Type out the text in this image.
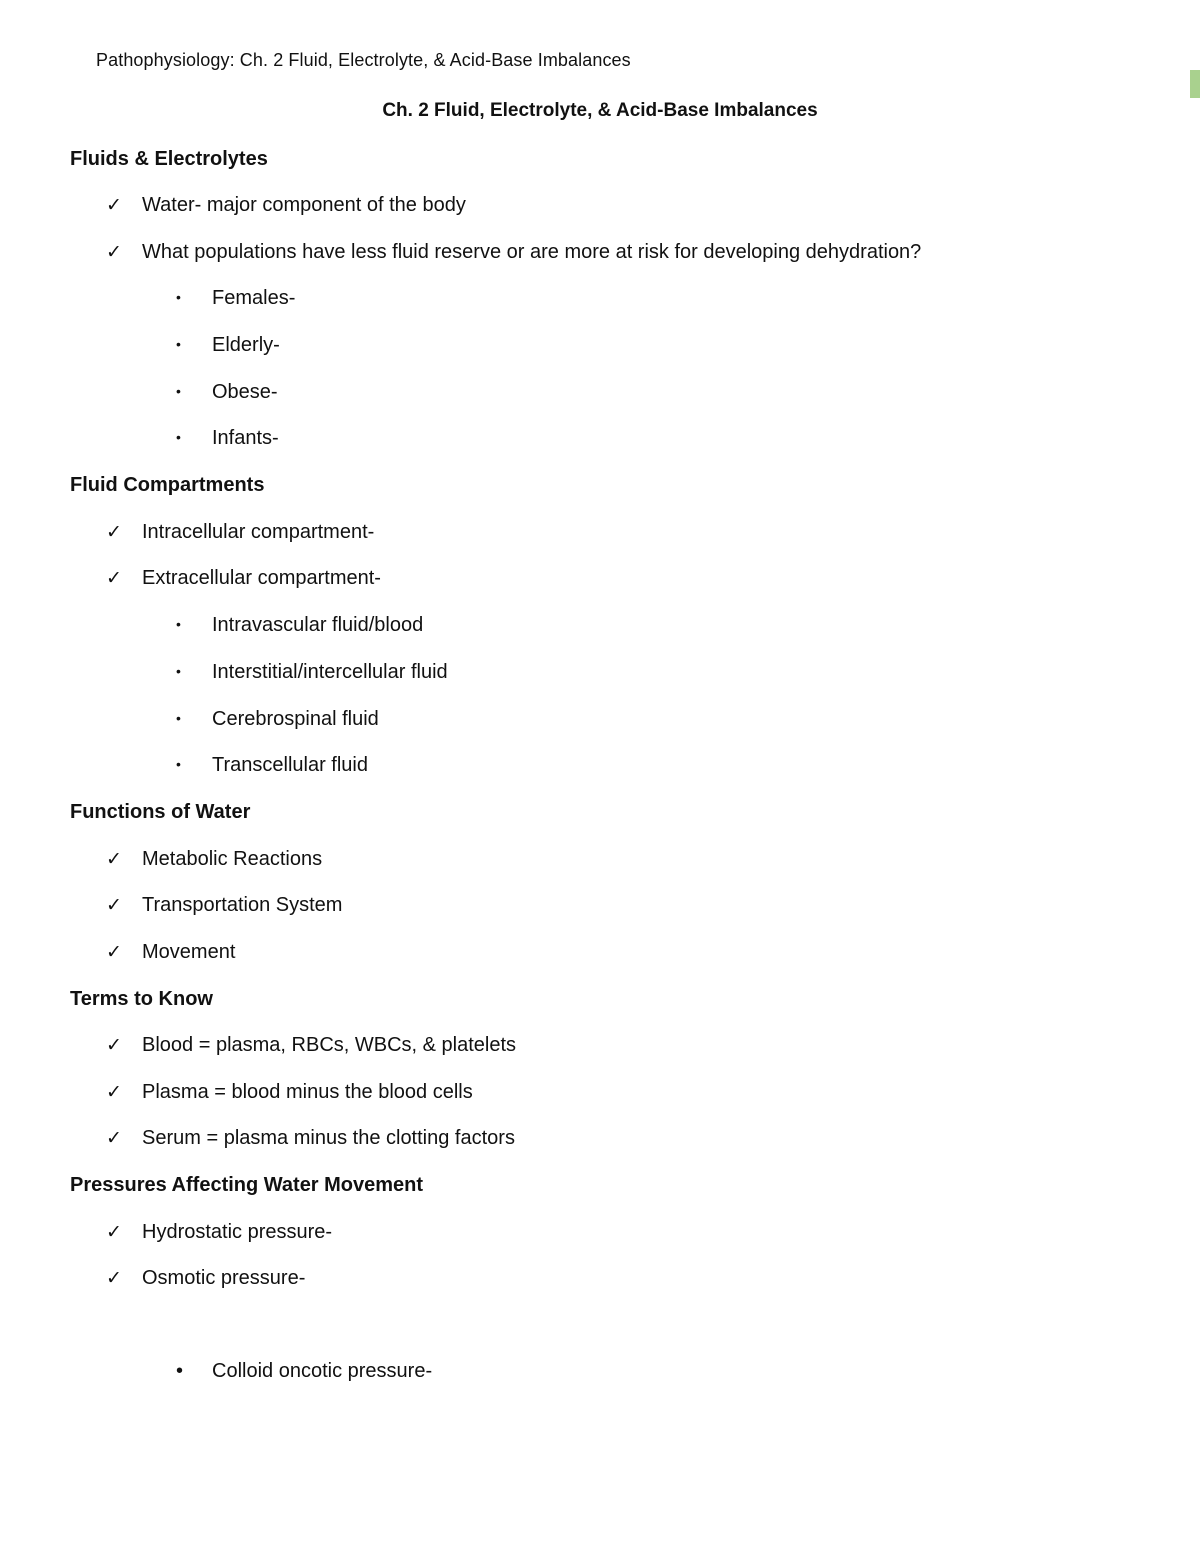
Pathophysiology: Ch. 2 Fluid, Electrolyte, & Acid-Base Imbalances
Ch. 2 Fluid, Electrolyte, & Acid-Base Imbalances
Fluids & Electrolytes
✓ Water- major component of the body
✓ What populations have less fluid reserve or are more at risk for developing dehydration?
• Females-
• Elderly-
• Obese-
• Infants-
Fluid Compartments
✓ Intracellular compartment-
✓ Extracellular compartment-
• Intravascular fluid/blood
• Interstitial/intercellular fluid
• Cerebrospinal fluid
• Transcellular fluid
Functions of Water
✓ Metabolic Reactions
✓ Transportation System
✓ Movement
Terms to Know
✓ Blood = plasma, RBCs, WBCs, & platelets
✓ Plasma = blood minus the blood cells
✓ Serum = plasma minus the clotting factors
Pressures Affecting Water Movement
✓ Hydrostatic pressure-
✓ Osmotic pressure-
• Colloid oncotic pressure-
